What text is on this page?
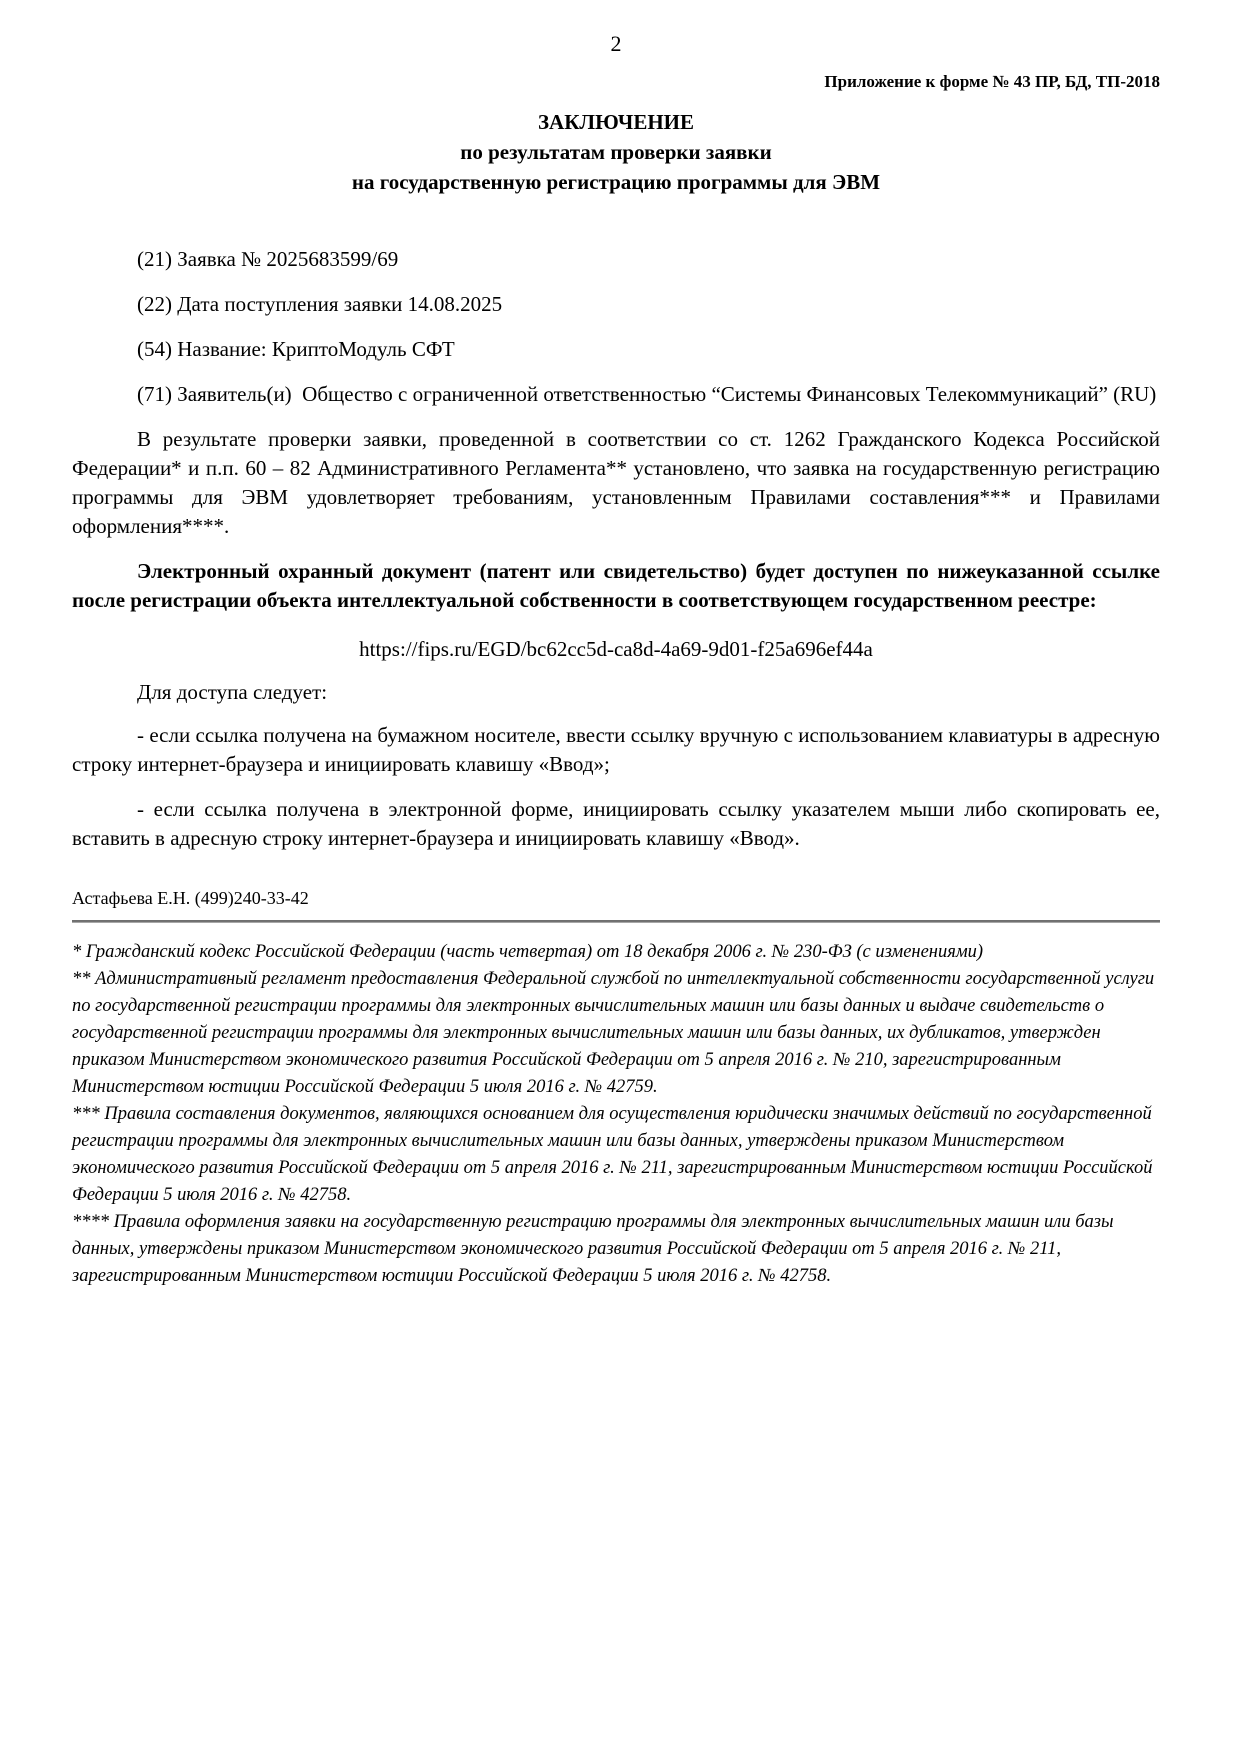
2

Приложение к форме № 43 ПР, БД, ТП-2018

ЗАКЛЮЧЕНИЕ
по результатам проверки заявки
на государственную регистрацию программы для ЭВМ

(21) Заявка № 2025683599/69

(22) Дата поступления заявки 14.08.2025

(54) Название: КриптоМодуль СФТ

(71) Заявитель(и)  Общество с ограниченной ответственностью “Системы Финансовых Телекоммуникаций” (RU)

В результате проверки заявки, проведенной в соответствии со ст. 1262 Гражданского Кодекса Российской Федерации* и п.п. 60 – 82 Административного Регламента** установлено, что заявка на государственную регистрацию программы для ЭВМ удовлетворяет требованиям, установленным Правилами составления*** и Правилами оформления****.

Электронный охранный документ (патент или свидетельство) будет доступен по нижеуказанной ссылке после регистрации объекта интеллектуальной собственности в соответствующем государственном реестре:

https://fips.ru/EGD/bc62cc5d-ca8d-4a69-9d01-f25a696ef44a

Для доступа следует:

- если ссылка получена на бумажном носителе, ввести ссылку вручную с использованием клавиатуры в адресную строку интернет-браузера и инициировать клавишу «Ввод»;

- если ссылка получена в электронной форме, инициировать ссылку указателем мыши либо скопировать ее, вставить в адресную строку интернет-браузера и инициировать клавишу «Ввод».

Астафьева Е.Н. (499)240-33-42

* Гражданский кодекс Российской Федерации (часть четвертая) от 18 декабря 2006 г. № 230-ФЗ (с изменениями)

** Административный регламент предоставления Федеральной службой по интеллектуальной собственности государственной услуги по государственной регистрации программы для электронных вычислительных машин или базы данных и выдаче свидетельств о государственной регистрации программы для электронных вычислительных машин или базы данных, их дубликатов, утвержден приказом Министерством экономического развития Российской Федерации от 5 апреля 2016 г. № 210, зарегистрированным Министерством юстиции Российской Федерации 5 июля 2016 г. № 42759.

*** Правила составления документов, являющихся основанием для осуществления юридически значимых действий по государственной регистрации программы для электронных вычислительных машин или базы данных, утверждены приказом Министерством экономического развития Российской Федерации от 5 апреля 2016 г. № 211, зарегистрированным Министерством юстиции Российской Федерации 5 июля 2016 г. № 42758.

**** Правила оформления заявки на государственную регистрацию программы для электронных вычислительных машин или базы данных, утверждены приказом Министерством экономического развития Российской Федерации от 5 апреля 2016 г. № 211, зарегистрированным Министерством юстиции Российской Федерации 5 июля 2016 г. № 42758.
